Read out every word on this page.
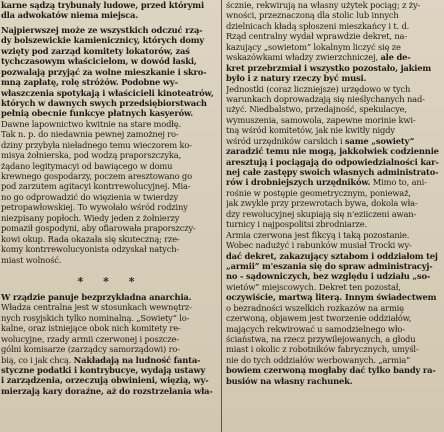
karne sądzą trybunały ludowe, przed którymi
dla adwokatów niema miejsca.
Najpierwszej może ze wszystkich odczuć rzą-
dy bolszewickie kamienicznicy, których domy
wzięty pod zarząd komitety lokatorów, zaś
tychczasowym właścicielom, w dowód łaski,
pozwalają przyjąć za wolne mieszkanie i skro-
mną zapłatę, rolę stróżów. Podobne wy-
właszczenia spotykają i właścicieli kinoteatrów,
których w dawnych swych przedsiębiorstwach
pełnią obecnie funkcye płatnych kasyerów.
Dawne lapownictwo kwitnie na stare modłę.
Tak n. p. do niedawnia pewnej zamożnej ro-
dziny przybyła nieładnego temu wieczorem ko-
misya żołnierska, pod wodzą praporszczyka,
żądano legitymacyi od bawiącego w domu
krewnego gospodarzy, poczem aresztowano go
pod zarzutem agitacyi kontrrewolucyjnej. Mia-
no go odprowadzić do więzienia w twierdzy
petropawłowskiej. To wywołało wśród rodziny
niezpisany popłoch. Wiedy jeden z żołnierzy
pomaził gospodyni, aby ofiarowała praporszczy-
kowi okup. Rada okazała się skuteczną; rze-
komy kontrrewolucyonista odzyskał natych-
miast wolność.
* * *
W rządzie panuje bezprzykładna anarchia.
Władza centralna jest w stosunkach wewnętrz-
nych rosyjskich tylko nominalną. „Sowiety” lo-
kalne, oraz istniejące obok nich komitety re-
wolucyjne, rzady armii czerwonej i poszcze-
gólni komisarze (zarządcy samorządowi) ro-
bią, co i jak chcą. Nakładają na ludność fanta-
styczne podatki i kontrybucye, wydają ustawy
i zarządzenia, orzeczują obwinieni, więzią, wy-
mierzają kary doraźne, aż do rozstrzelania wła-
ścznie, rekwirują na własny użytek pociąg; z ży-
wności, przeznaczoną dla stolic lub innych
dzielnicach kładą spłoszeni mieszkańcy i t. d.
Rząd centralny wydał wprawdzie dekret, na-
kazujący „sowietom” lokalnym liczyć się ze
wskazówkami władzy zwierzchniczej, ale de-
kret przebrzmiał i wszystko pozostało, jakiem
było i z natury rzeczy być musi.
Jednostki (coraz liczniejsze) urzędowo w tych
warunkach doprowadzają się nieślychanych nad-
użyć. Niedbalstwo, przedajność, spekulacye,
wymuszenia, samowola, zapewne morinie kwi-
tną wśród komitetów, jak nie kwitły nigdy
wśród urzędników carskich i same „sowiety”
zaradzić temu nie mogą, jakkolwiek codziennie
aresztują i pociągają do odpowiedzialności kar-
nej całe zastępy swoich własnych administrato-
rów i drobniejszych urzędników. Mimo to, ani-
rośnie w postępie geometrycznym, ponieważ,
jak zwykle przy przewrotach bywa, dokola wła-
dzy rewolucyjnej skupiają się n'eziiczeni awan-
turnicy i najpospolitsi zbrodniarze.
Armia czerwona jest fikcyą i taką pozostanie.
Wobec nadużyć i rabunków musiał Trocki wy-
dać dekret, zakazujący sztabom i oddziałom tej
„armii” m'eszania się do spraw administracyj-
no - sądowniczych, bez względu i udziału „so-
wietów” miejscowych. Dekret ten pozostał,
oczywiście, martwą literą. Innym świadectwem
o bezradności wszelkich rozkazów na armię
czerwoną, objawem jest tworzenie oddziałów,
mających rekwirować u samodzielnego wło-
ściaństwa, na rzecz przywilejowanych, a głodu
miast i okolic z robotników fabrycznych, umyśl-
nie do tych oddziałów werbowanych. „armia”
bowiem czerwoną mogłaby dać tylko bandy ra-
busiów na własny rachunek.
